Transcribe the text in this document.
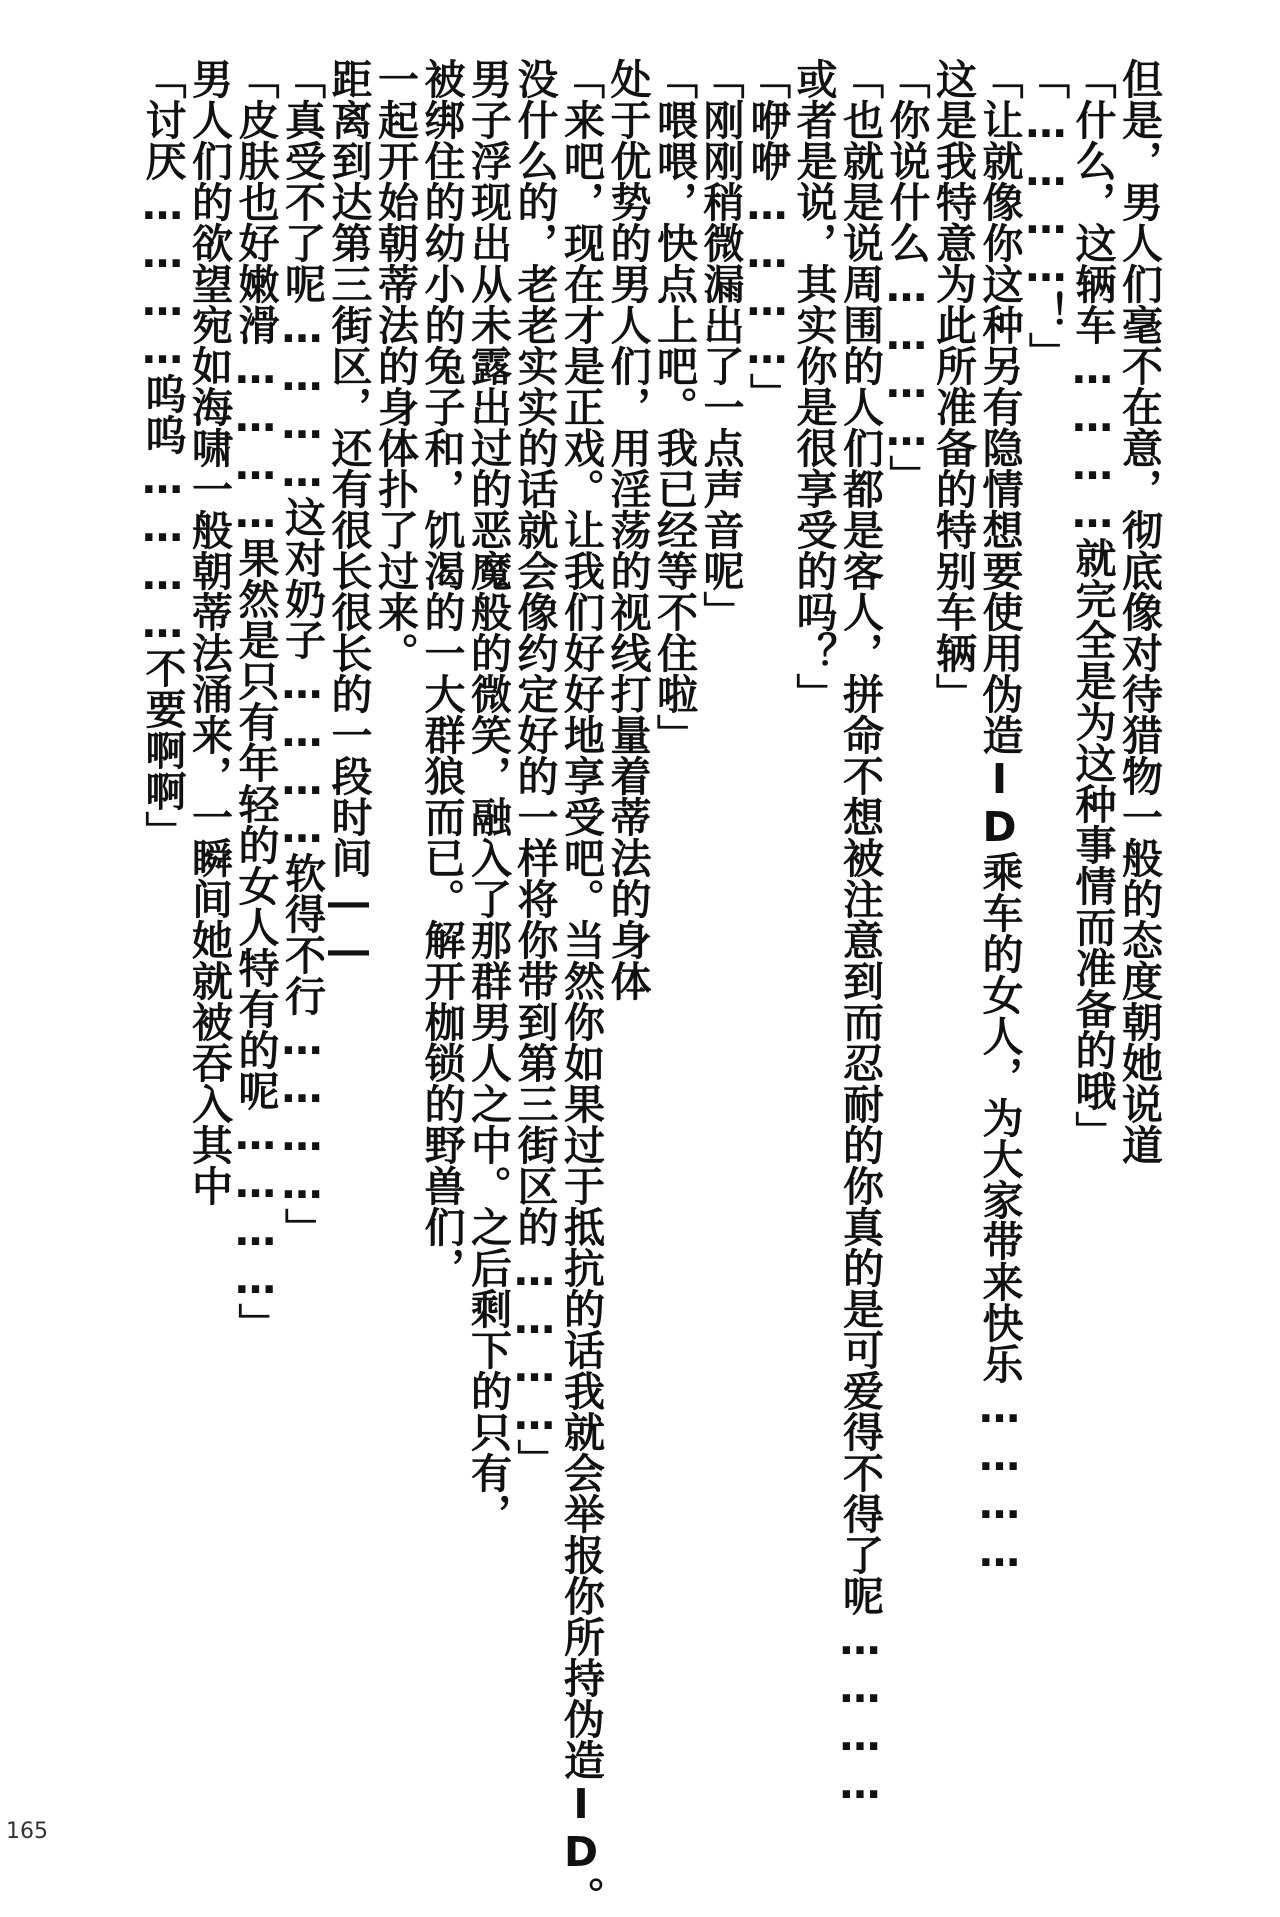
但是，男人们毫不在意，彻底像对待猎物一般的态度朝她说道

「什么，这辆车…………就完全是为这种事情而准备的哦」

「…………！」

「让就像你这种另有隐情想要使用伪造ID乘车的女人，为大家带来快乐…………

这是我特意为此所准备的特别车辆」

「你说什么…………」

「也就是说周围的人们都是客人，拼命不想被注意到而忍耐的你真的是可爱得不得了呢…………

或者是说，其实你是很享受的吗？」

「咿咿…………」

「刚刚稍微漏出了一点声音呢」

「喂喂，快点上吧。我已经等不住啦」

处于优势的男人们，用淫荡的视线打量着蒂法的身体

「来吧，现在才是正戏。让我们好好地享受吧。当然你如果过于抵抗的话我就会举报你所持伪造ID。

没什么的，老老实实的话就会像约定好的一样将你带到第三街区的…………」

男子浮现出从未露出过的恶魔般的微笑，融入了那群男人之中。之后剩下的只有，

被绑住的幼小的兔子和，饥渴的一大群狼而已。解开枷锁的野兽们，

一起开始朝蒂法的身体扑了过来。

距离到达第三街区，还有很长很长的一段时间――

「真受不了呢…………这对奶子…………软得不行…………」

「皮肤也好嫩滑…………果然是只有年轻的女人特有的呢…………」

男人们的欲望宛如海啸一般朝蒂法涌来，一瞬间她就被吞入其中

「讨厌…………呜呜…………不要啊啊」

165
